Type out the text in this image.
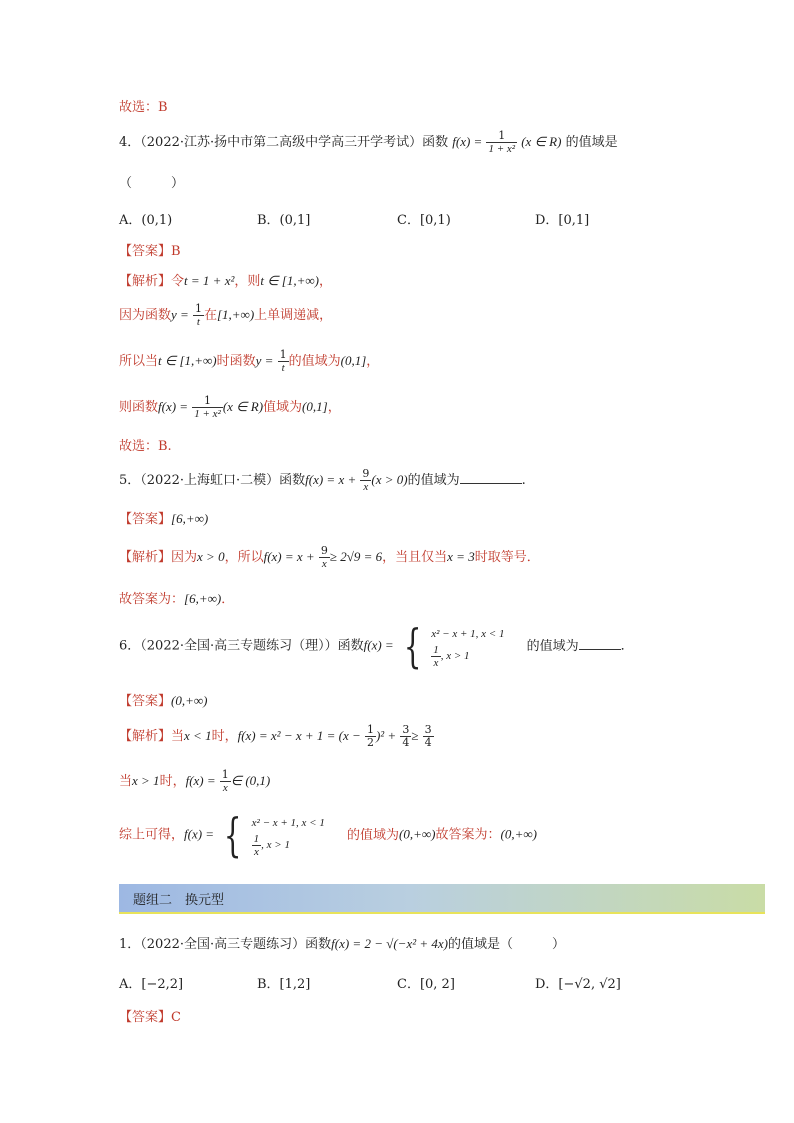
故选：B
4．（2022·江苏·扬中市第二高级中学高三开学考试）函数 $f(x) = \frac{1}{\text{1 + x²}} (x$ ∈ R) 的值域是
（　　　）
A．(0,1)	B．(0,1]	C．[0,1)	D．[0,1]
【答案】B
【解析】令t = 1 + x²，则t ∈ [1,+∞)，
因为函数$y = \frac{1}{t}$ 在[1,+∞)上单调递减，
所以当t ∈ [1,+∞)时函数$y = \frac{1}{t}$ 的值域为(0,1]，
则函数$f(x) = \frac{1}{\text{1 + x²}} (x$ ∈ R)值域为(0,1]，
故选：B.
5．（2022·上海虹口·二模）函数$f(x) = x + \frac{9}{x} (x > 0)$的值域为	.
【答案】[6,+∞)
【解析】因为x > 0，所以$f(x) = x + \frac{9}{x} \ge 2√9 = 6$，当且仅当x = 3时取等号．
故答案为：[6,+∞)．
6．（2022·全国·高三专题练习（理））函数f(x) = { x² − x + 1, x < 1
$\frac{1}{x}$ , x > 1
的值域为	．
【答案】(0,+∞)
【解析】当x < 1时，$f(x) = x^2 - x + 1 = (x - \frac{1}{2} )^2 + \frac{3}{4} \ge \frac{3}{4}$
当x > 1时，$f(x) = \frac{1}{x}$ ∈ (0,1)
综上可得，f(x) = { x² − x + 1, x < 1
$\frac{1}{x}$ , x > 1
的值域为(0,+∞)故答案为：(0,+∞)
题组二　换元型
1．（2022·全国·高三专题练习）函数f(x) = 2 − √(−x² + 4x)的值域是（　　　）
A．[−2,2]	B．[1,2]	C．[0, 2]	D．[−√2, √2]
【答案】C
